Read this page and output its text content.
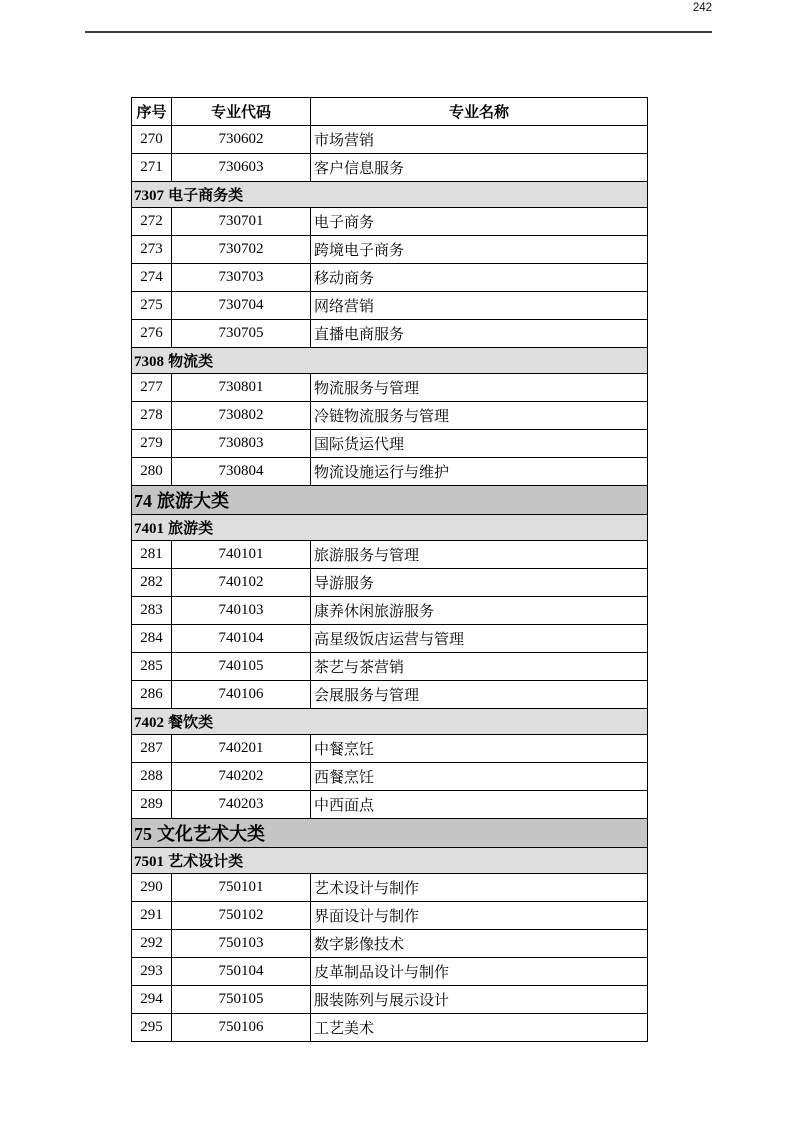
242
序号	专业代码	专业名称
270	730602	市场营销
271	730603	客户信息服务
7307 电子商务类		
272	730701	电子商务
273	730702	跨境电子商务
274	730703	移动商务
275	730704	网络营销
276	730705	直播电商服务
7308 物流类		
277	730801	物流服务与管理
278	730802	冷链物流服务与管理
279	730803	国际货运代理
280	730804	物流设施运行与维护
74 旅游大类		
7401 旅游类		
281	740101	旅游服务与管理
282	740102	导游服务
283	740103	康养休闲旅游服务
284	740104	高星级饭店运营与管理
285	740105	茶艺与茶营销
286	740106	会展服务与管理
7402 餐饮类		
287	740201	中餐烹饪
288	740202	西餐烹饪
289	740203	中西面点
75 文化艺术大类		
7501 艺术设计类		
290	750101	艺术设计与制作
291	750102	界面设计与制作
292	750103	数字影像技术
293	750104	皮革制品设计与制作
294	750105	服装陈列与展示设计
295	750106	工艺美术
